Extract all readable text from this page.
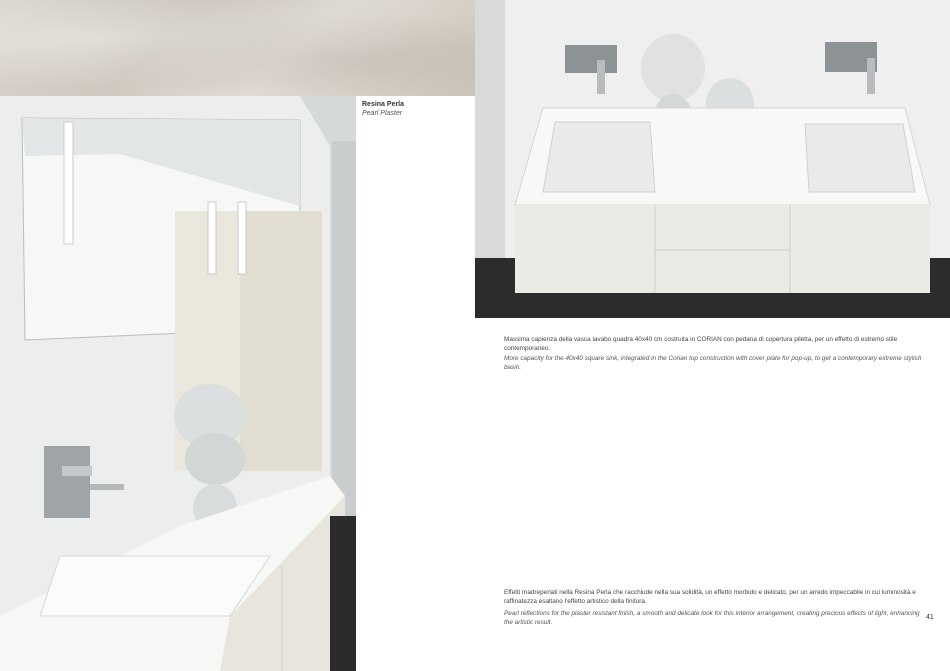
Resina Perla
Pearl Plaster
Massima capienza della vasca lavabo quadra 40x40 cm costruita in CORIAN con pedana di copertura piletta, per un effetto di estremo stile contemporaneo.
More capacity for the 40x40 square sink, integrated in the Corian top construction with cover plate for pop-up, to get a contemporary extreme stylish basin.
Effetti madreperlati nella Resina Perla che racchiude nella sua solidità, un effetto morbido e delicato, per un arredo impeccabile in cui luminosità e raffinatezza esaltano l'effetto artistico della finitura.
Pearl reflections for the plaster resistant finish, a smooth and delicate look for this interior arrangement, creating precious effects of light, enhancing the artistic result.
41
